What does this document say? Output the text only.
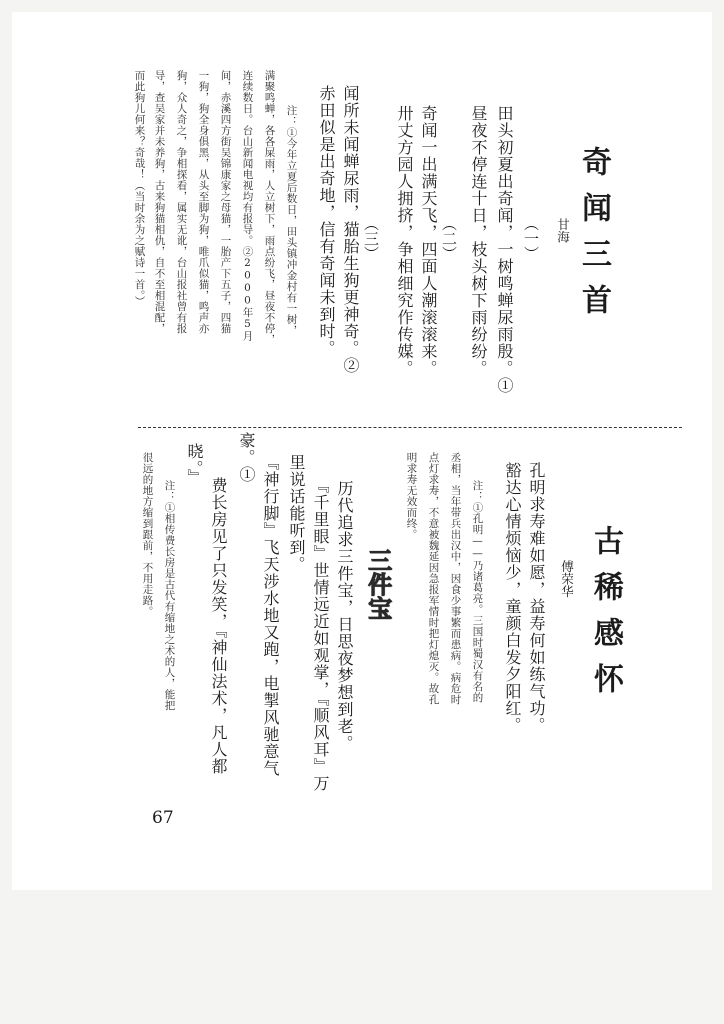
奇闻三首
甘海
（一）
田头初夏出奇闻，一树鸣蝉尿雨殷。①
昼夜不停连十日，枝头树下雨纷纷。
（二）
奇闻一出满天飞，四面人潮滚滚来。
卅丈方园人拥挤，争相细究作传媒。
（三）
闻所未闻蝉尿雨，猫胎生狗更神奇。②
赤田似是出奇地，信有奇闻未到时。
注：①今年立夏后数日，田头镇冲金村有一树，
满聚鸣蝉，各各屎雨，人立树下，雨点纷飞，昼夜不停，
连续数日。台山新闻电视均有报导。②2000年5月
间，赤溪四方街吴锦康家之母猫，一胎产下五子，四猫
一狗，狗全身俱黑，从头至脚为狗，唯爪似猫，鸣声亦
狗，众人奇之，争相探看，属实无讹，台山报社曾有报
导，查吴家并未养狗，古来狗猫相仇，自不至相混配，
而此狗儿何来？奇哉！（当时余为之赋诗一首。）
古稀感怀
傅荣华
孔明求寿难如愿，益寿何如练气功。
豁达心情烦恼少，童颜白发夕阳红。
注：①孔明——乃诸葛亮。三国时蜀汉有名的
丞相，当年带兵出汉中，因食少事繁而患病。病危时
点灯求寿，不意被魏延因急报军情时把灯熄灭。故孔
明求寿无效而终。
三件宝
历代追求三件宝，日思夜梦想到老。
『千里眼』世情远近如观掌，『顺风耳』万
里说话能听到。
『神行脚』飞天涉水地又跑，电掣风驰意气
豪。①
费长房见了只发笑，『神仙法术，凡人都
晓。』
注：①相传费长房是古代有缩地之术的人，能把
很远的地方缩到跟前，不用走路。
67
